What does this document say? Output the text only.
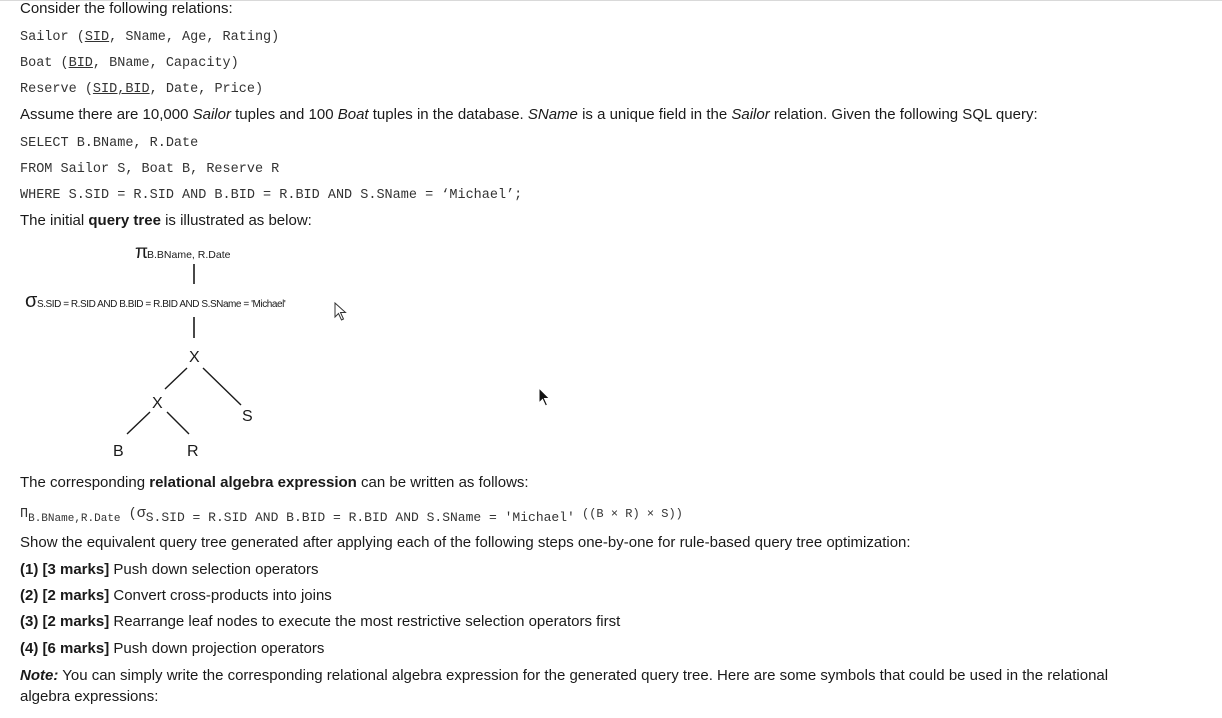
Consider the following relations:
Sailor (SID, SName, Age, Rating)
Boat (BID, BName, Capacity)
Reserve (SID,BID, Date, Price)
Assume there are 10,000 Sailor tuples and 100 Boat tuples in the database. SName is a unique field in the Sailor relation. Given the following SQL query:
SELECT B.BName, R.Date
FROM Sailor S, Boat B, Reserve R
WHERE S.SID = R.SID AND B.BID = R.BID AND S.SName = ‘Michael’;
The initial query tree is illustrated as below:
π
B.BName, R.Date
σ S.SID = R.SID AND B.BID = R.BID AND S.SName = 'Michael'
X
X
S
B	R
The corresponding relational algebra expression can be written as follows:
$\Pi_{B.BName,R.Date}$ (σS.SID = R.SID AND B.BID = R.BID AND S.SName = 'Michael' ((B × R) × S))
Show the equivalent query tree generated after applying each of the following steps one-by-one for rule-based query tree optimization:
(1) [3 marks] Push down selection operators
(2) [2 marks] Convert cross-products into joins
(3) [2 marks] Rearrange leaf nodes to execute the most restrictive selection operators first
(4) [6 marks] Push down projection operators
Note: You can simply write the corresponding relational algebra expression for the generated query tree. Here are some symbols that could be used in the relational
algebra expressions:
